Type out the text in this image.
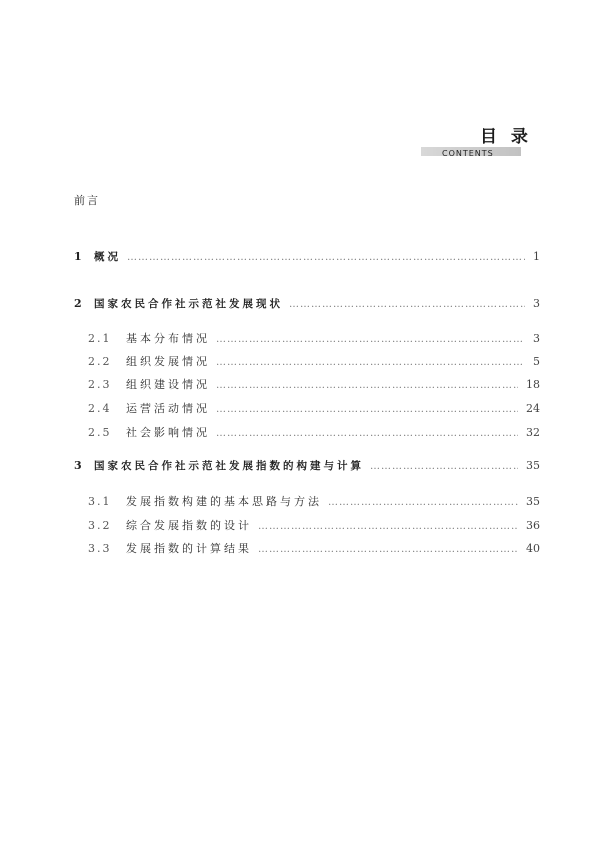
目 录
CONTENTS
前言
1	概况 ……………………………………………………………………………………………………………………………………………………………………	1
2	国家农民合作社示范社发展现状 ……………………………………………………………………………………………………………………………………………………………………	3
2.1	基本分布情况 ……………………………………………………………………………………………………………………………………………………………………	3
2.2	组织发展情况 ……………………………………………………………………………………………………………………………………………………………………	5
2.3	组织建设情况 ……………………………………………………………………………………………………………………………………………………………………	18
2.4	运营活动情况 ……………………………………………………………………………………………………………………………………………………………………	24
2.5	社会影响情况 ……………………………………………………………………………………………………………………………………………………………………	32
3	国家农民合作社示范社发展指数的构建与计算 ……………………………………………………………………………………………………………………………………………………………………	35
3.1	发展指数构建的基本思路与方法 ……………………………………………………………………………………………………………………………………………………………………	35
3.2	综合发展指数的设计 ……………………………………………………………………………………………………………………………………………………………………	36
3.3	发展指数的计算结果 ……………………………………………………………………………………………………………………………………………………………………	40
